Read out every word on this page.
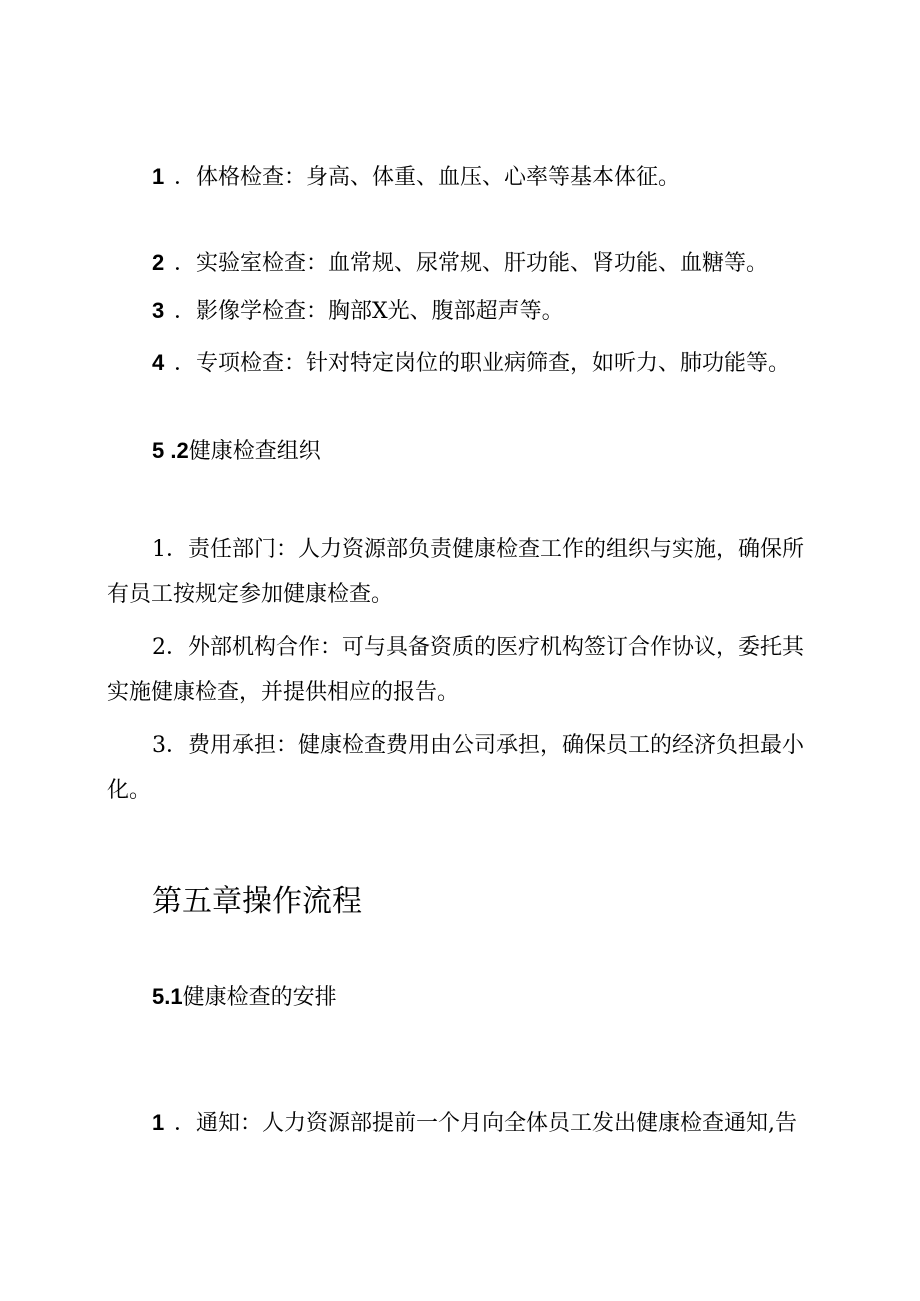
1 ．体格检查：身高、体重、血压、心率等基本体征。
2 ．实验室检查：血常规、尿常规、肝功能、肾功能、血糖等。
3 ．影像学检查：胸部X光、腹部超声等。
4 ．专项检查：针对特定岗位的职业病筛查，如听力、肺功能等。
5 .2健康检查组织
1．责任部门：人力资源部负责健康检查工作的组织与实施，确保所有员工按规定参加健康检查。
2．外部机构合作：可与具备资质的医疗机构签订合作协议，委托其实施健康检查，并提供相应的报告。
3．费用承担：健康检查费用由公司承担，确保员工的经济负担最小化。
第五章操作流程
5.1健康检查的安排
1 ．通知：人力资源部提前一个月向全体员工发出健康检查通知,告
